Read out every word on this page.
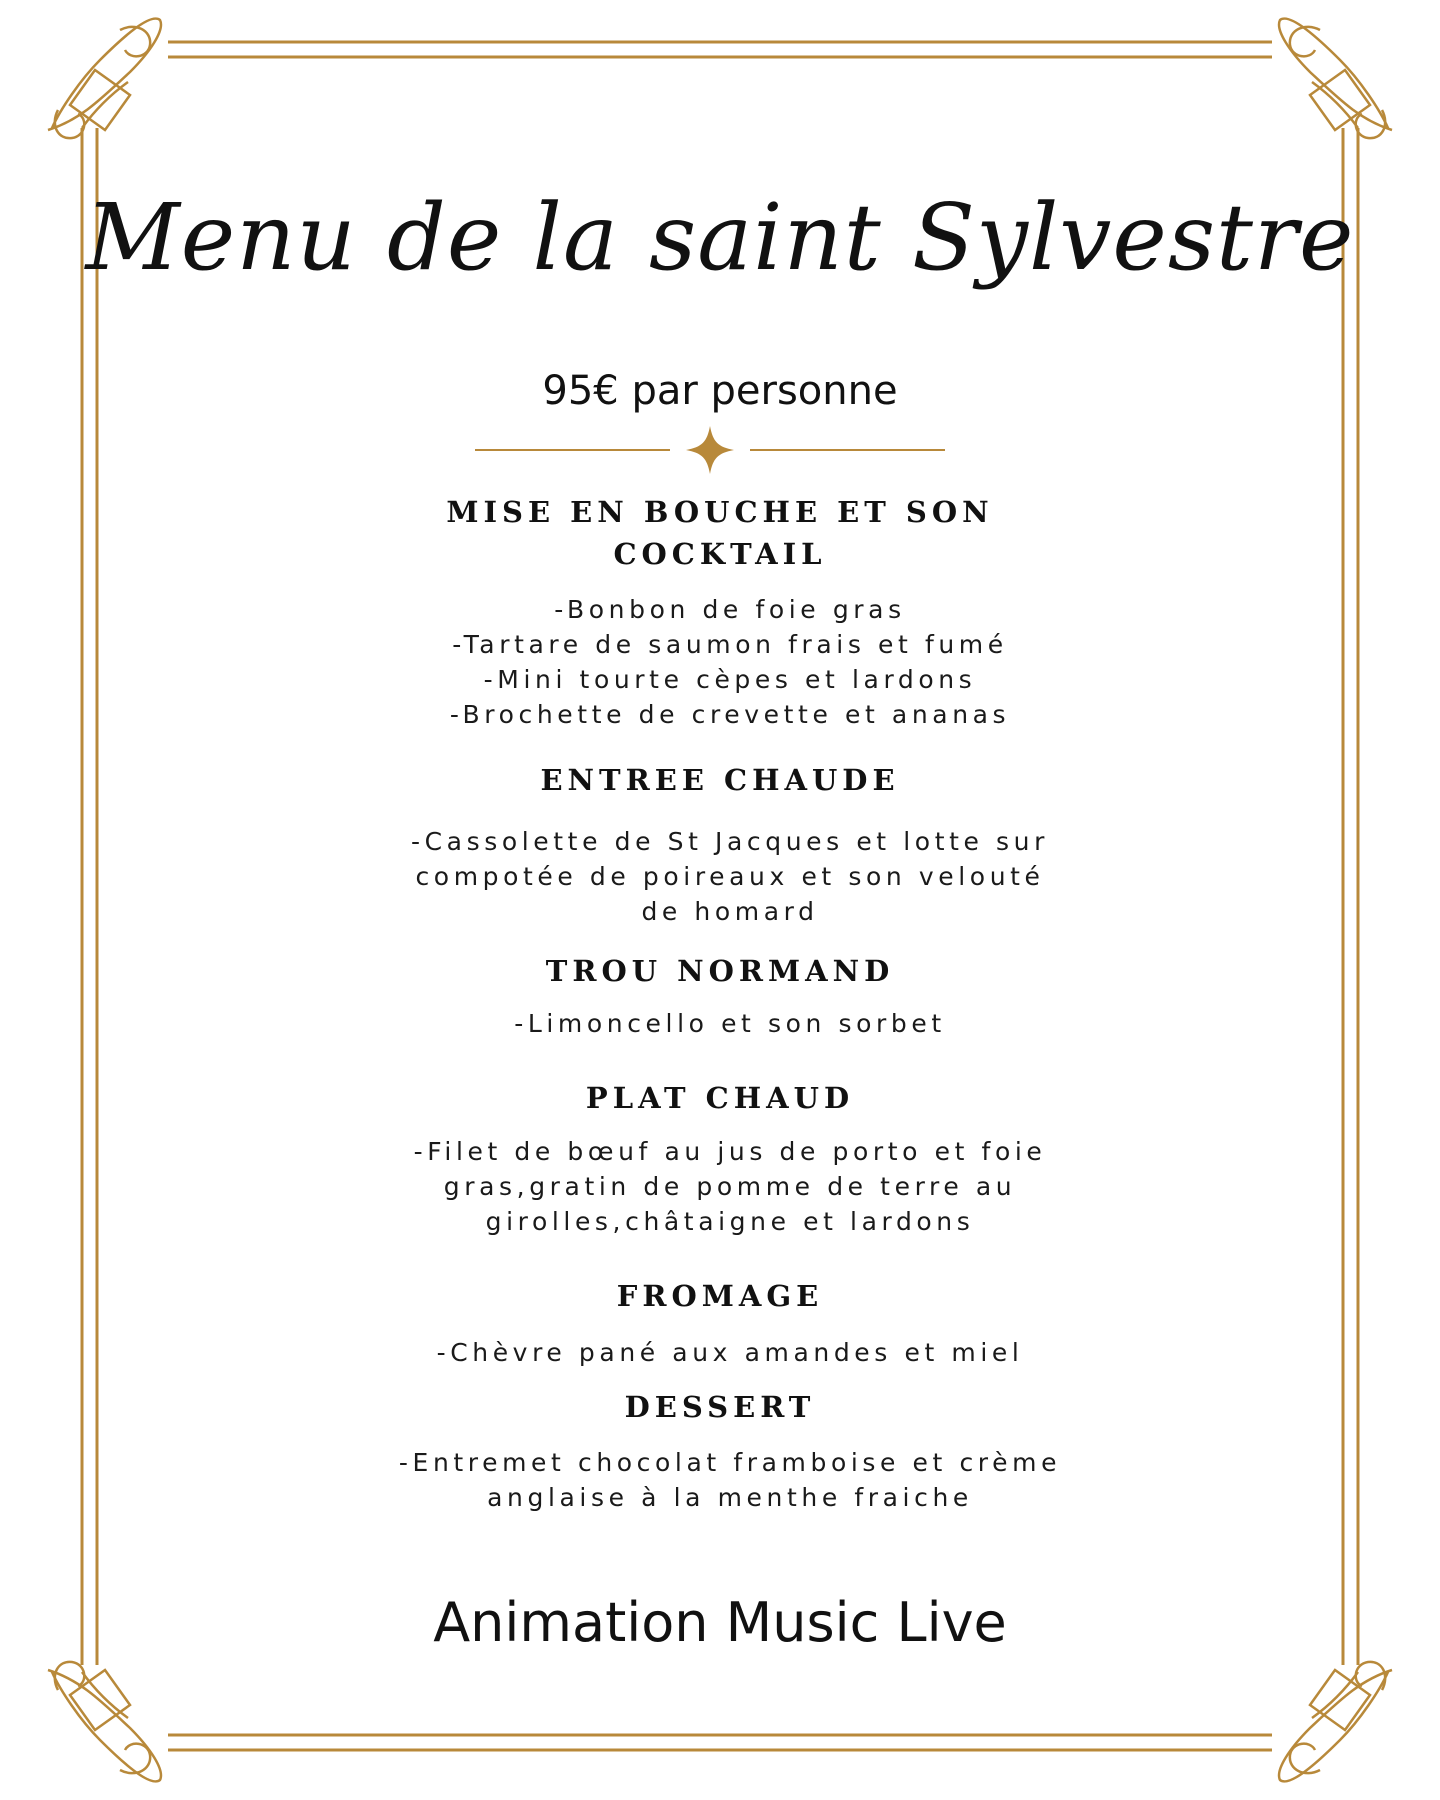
Menu de la saint Sylvestre
95€ par personne
MISE EN BOUCHE ET SON
COCKTAIL
-Bonbon de foie gras
-Tartare de saumon frais et fumé
-Mini tourte cèpes et lardons
-Brochette de crevette et ananas
ENTREE CHAUDE
-Cassolette de St Jacques et lotte sur
compotée de poireaux et son velouté
de homard
TROU NORMAND
-Limoncello et son sorbet
PLAT CHAUD
-Filet de bœuf au jus de porto et foie
gras,gratin de pomme de terre au
girolles,châtaigne et lardons
FROMAGE
-Chèvre pané aux amandes et miel
DESSERT
-Entremet chocolat framboise et crème
anglaise à la menthe fraiche
Animation Music Live
